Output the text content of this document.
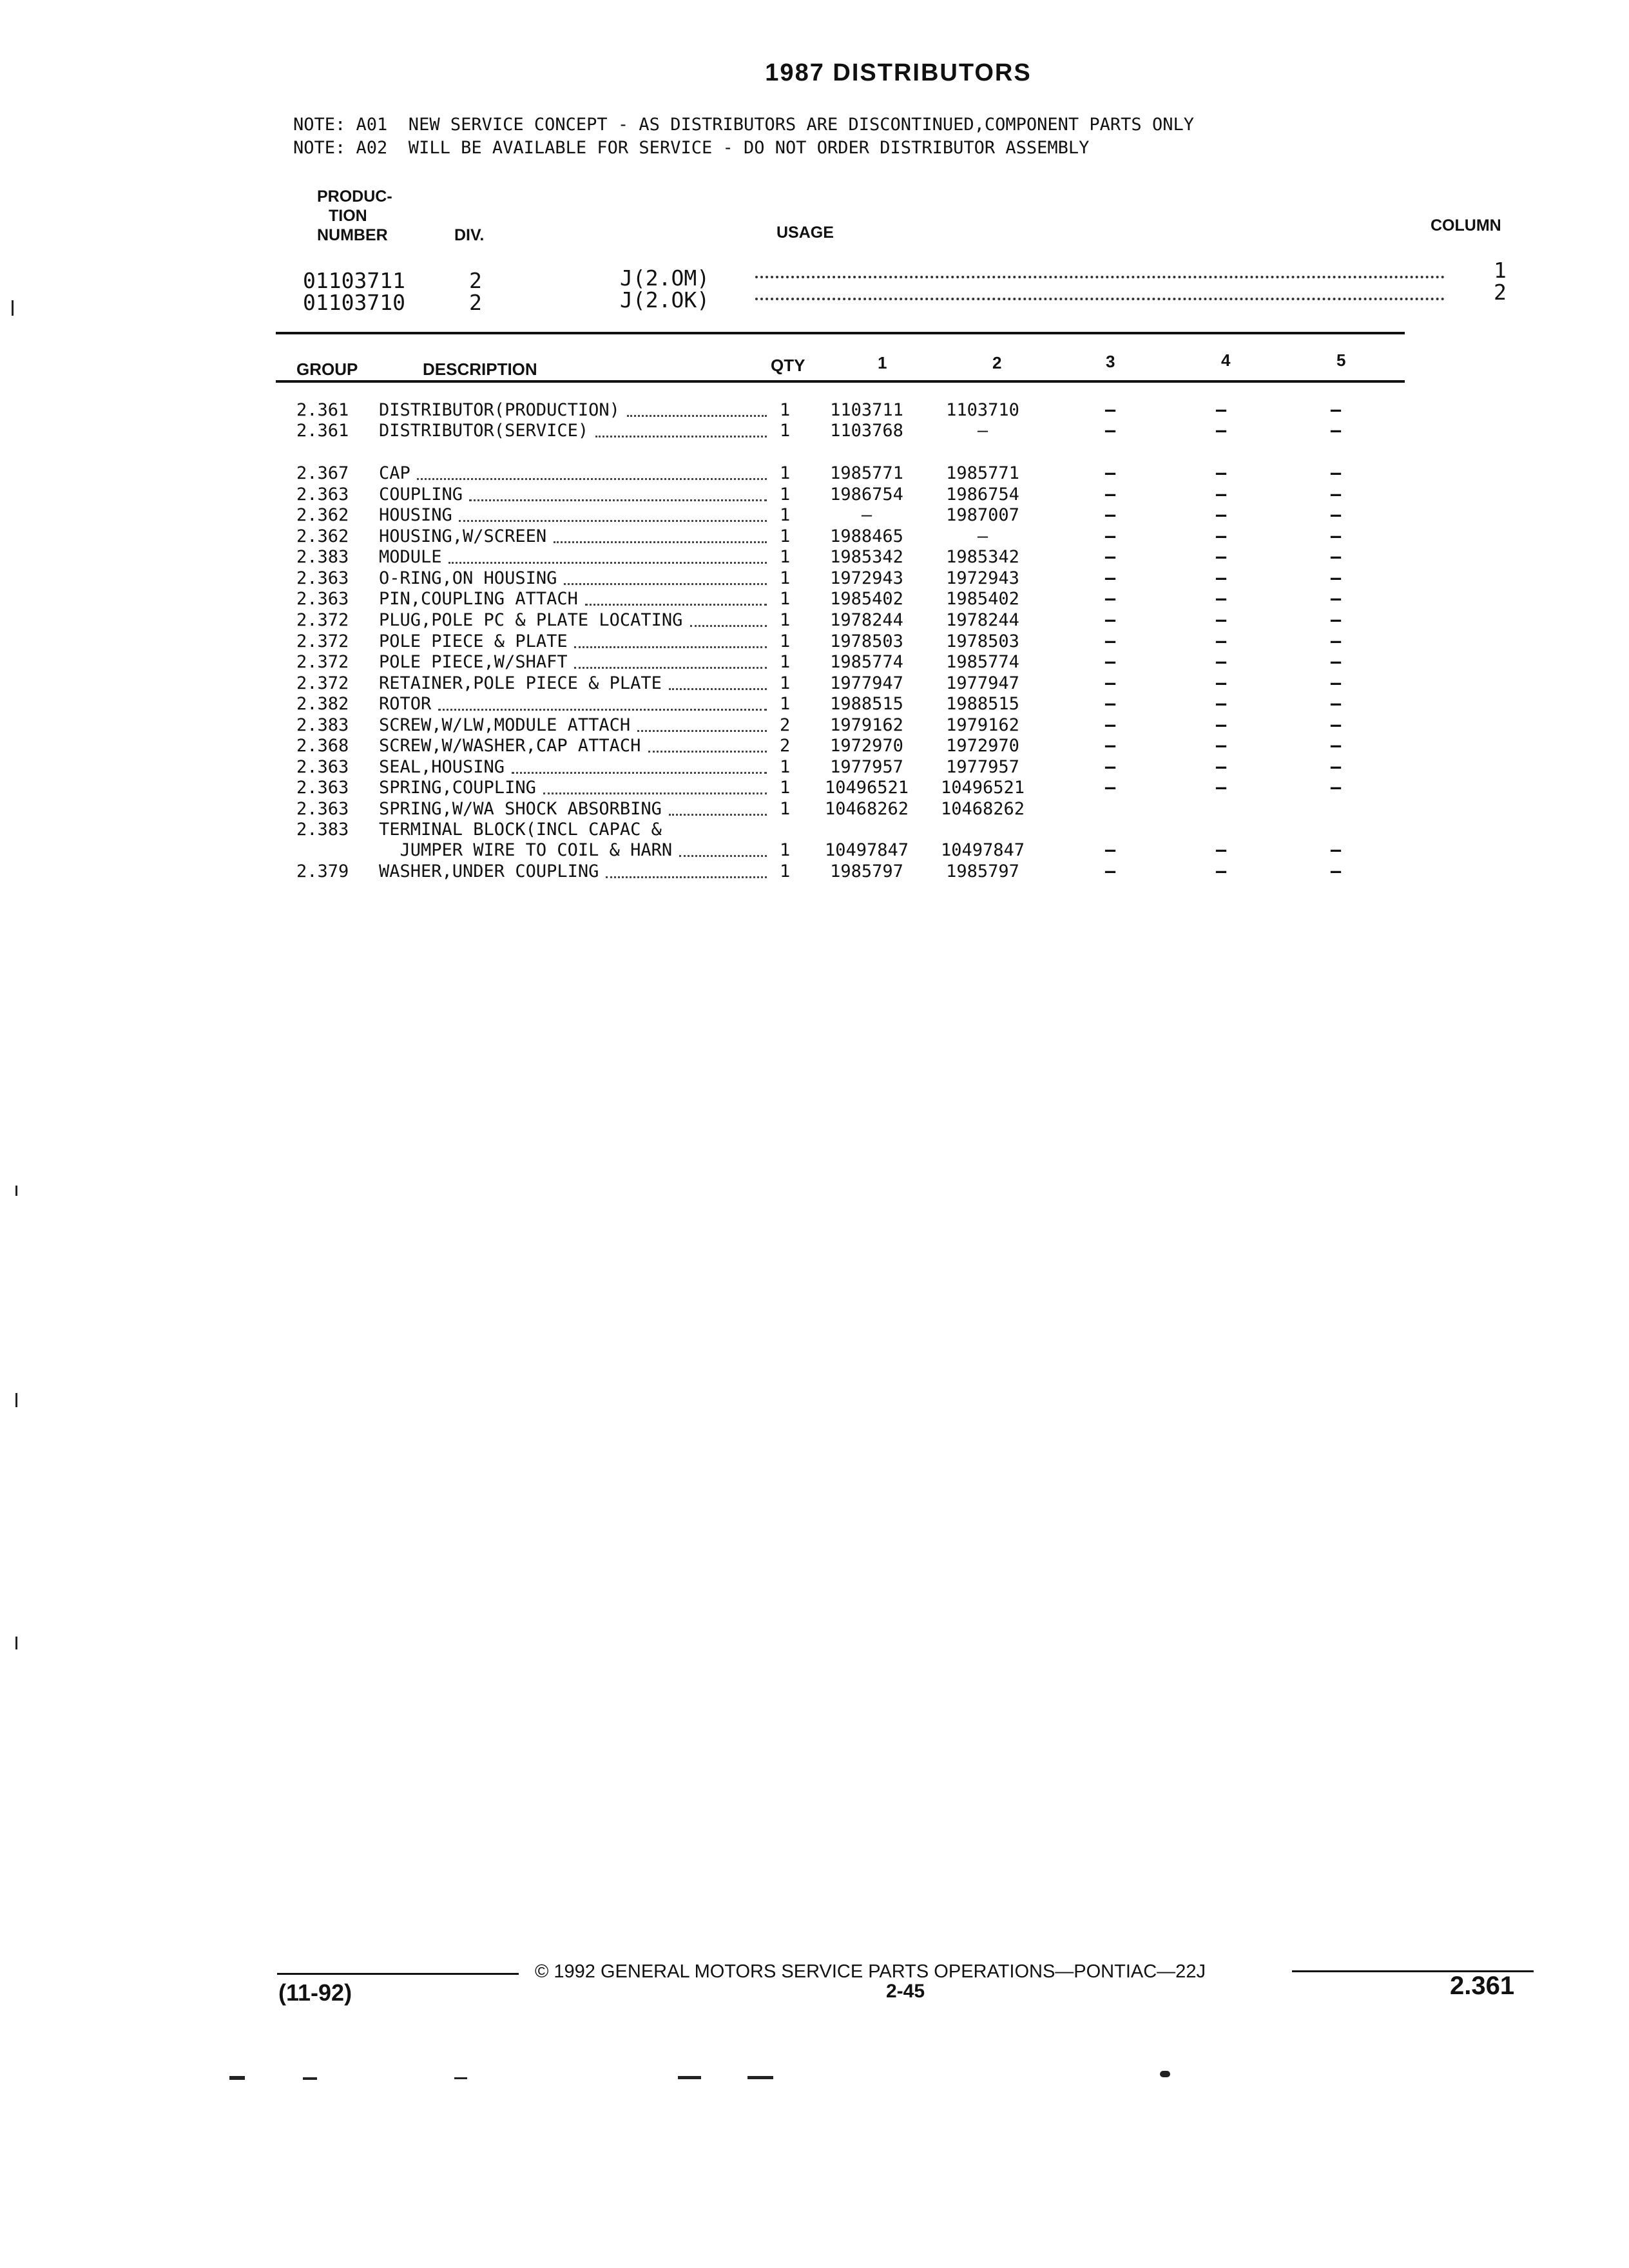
1987 DISTRIBUTORS
NOTE: A01  NEW SERVICE CONCEPT - AS DISTRIBUTORS ARE DISCONTINUED,COMPONENT PARTS ONLY
NOTE: A02  WILL BE AVAILABLE FOR SERVICE - DO NOT ORDER DISTRIBUTOR ASSEMBLY
PRODUC-
TION
NUMBER	DIV.	USAGE	COLUMN
01103711	2	J(2.OM)	1
01103710	2	J(2.OK)	2
GROUP	DESCRIPTION	QTY	1	2	3	4	5
2.361 DISTRIBUTOR(PRODUCTION)	1	1103711	1103710	—	—	—
2.361 DISTRIBUTOR(SERVICE)	1	1103768	—	—	—	—
2.367 CAP	1	1985771	1985771	—	—	—
2.363 COUPLING	1	1986754	1986754	—	—	—
2.362 HOUSING	1	—	1987007	—	—	—
2.362 HOUSING,W/SCREEN	1	1988465	—	—	—	—
2.383 MODULE	1	1985342	1985342	—	—	—
2.363 O-RING,ON HOUSING	1	1972943	1972943	—	—	—
2.363 PIN,COUPLING ATTACH	1	1985402	1985402	—	—	—
2.372 PLUG,POLE PC & PLATE LOCATING	1	1978244	1978244	—	—	—
2.372 POLE PIECE & PLATE	1	1978503	1978503	—	—	—
2.372 POLE PIECE,W/SHAFT	1	1985774	1985774	—	—	—
2.372 RETAINER,POLE PIECE & PLATE	1	1977947	1977947	—	—	—
2.382 ROTOR	1	1988515	1988515	—	—	—
2.383 SCREW,W/LW,MODULE ATTACH	2	1979162	1979162	—	—	—
2.368 SCREW,W/WASHER,CAP ATTACH	2	1972970	1972970	—	—	—
2.363 SEAL,HOUSING	1	1977957	1977957	—	—	—
2.363 SPRING,COUPLING	1	10496521	10496521	—	—	—
2.363 SPRING,W/WA SHOCK ABSORBING	1	10468262	10468262
2.383 TERMINAL BLOCK(INCL CAPAC &
JUMPER WIRE TO COIL & HARN	1	10497847	10497847	—	—	—
2.379 WASHER,UNDER COUPLING	1	1985797	1985797	—	—	—
© 1992 GENERAL MOTORS SERVICE PARTS OPERATIONS—PONTIAC—22J
(11-92)	2-45	2.361
